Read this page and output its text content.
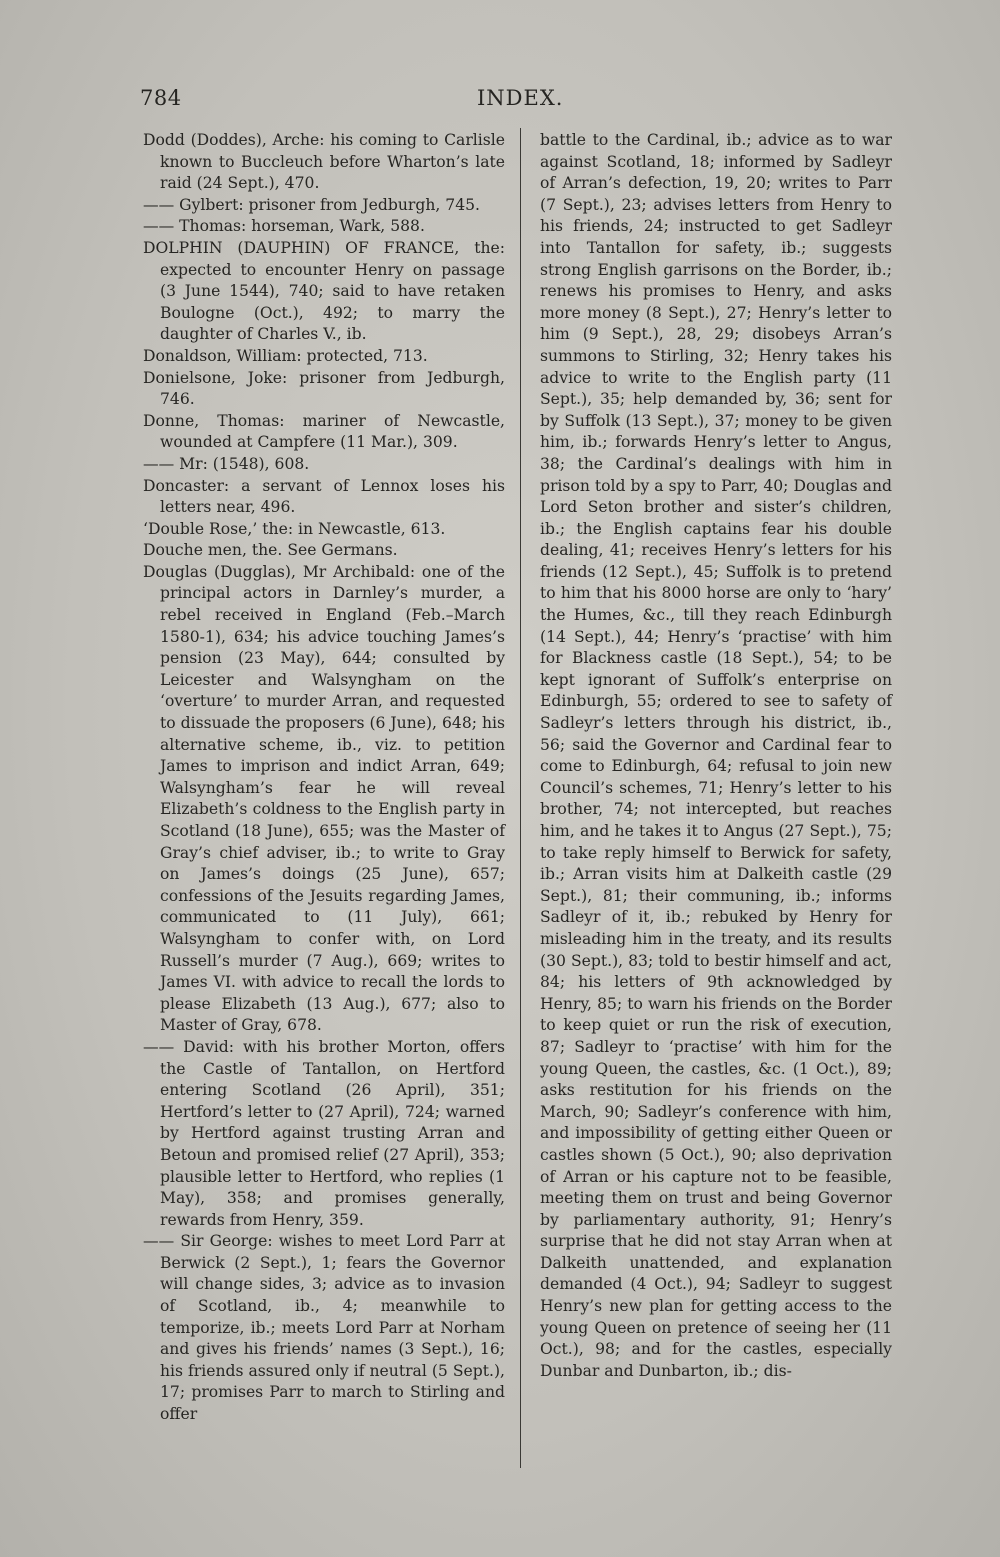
784	INDEX.

Dodd (Doddes), Arche: his coming to Carlisle known to Buccleuch before Wharton’s late raid (24 Sept.), 470.

—— Gylbert: prisoner from Jedburgh, 745.

—— Thomas: horseman, Wark, 588.

DOLPHIN (DAUPHIN) OF FRANCE, the: expected to encounter Henry on passage (3 June 1544), 740; said to have retaken Boulogne (Oct.), 492; to marry the daughter of Charles V., ib.

Donaldson, William: protected, 713.

Donielsone, Joke: prisoner from Jedburgh, 746.

Donne, Thomas: mariner of Newcastle, wounded at Campfere (11 Mar.), 309.

—— Mr: (1548), 608.

Doncaster: a servant of Lennox loses his letters near, 496.

‘Double Rose,’ the: in Newcastle, 613.

Douche men, the. See Germans.

Douglas (Dugglas), Mr Archibald: one of the principal actors in Darnley’s murder, a rebel received in England (Feb.–March 1580-1), 634; his advice touching James’s pension (23 May), 644; consulted by Leicester and Walsyngham on the ‘overture’ to murder Arran, and requested to dissuade the proposers (6 June), 648; his alternative scheme, ib., viz. to petition James to imprison and indict Arran, 649; Walsyngham’s fear he will reveal Elizabeth’s coldness to the English party in Scotland (18 June), 655; was the Master of Gray’s chief adviser, ib.; to write to Gray on James’s doings (25 June), 657; confessions of the Jesuits regarding James, communicated to (11 July), 661; Walsyngham to confer with, on Lord Russell’s murder (7 Aug.), 669; writes to James VI. with advice to recall the lords to please Elizabeth (13 Aug.), 677; also to Master of Gray, 678.

—— David: with his brother Morton, offers the Castle of Tantallon, on Hertford entering Scotland (26 April), 351; Hertford’s letter to (27 April), 724; warned by Hertford against trusting Arran and Betoun and promised relief (27 April), 353; plausible letter to Hertford, who replies (1 May), 358; and promises generally, rewards from Henry, 359.

—— Sir George: wishes to meet Lord Parr at Berwick (2 Sept.), 1; fears the Governor will change sides, 3; advice as to invasion of Scotland, ib., 4; meanwhile to temporize, ib.; meets Lord Parr at Norham and gives his friends’ names (3 Sept.), 16; his friends assured only if neutral (5 Sept.), 17; promises Parr to march to Stirling and offer

battle to the Cardinal, ib.; advice as to war against Scotland, 18; informed by Sadleyr of Arran’s defection, 19, 20; writes to Parr (7 Sept.), 23; advises letters from Henry to his friends, 24; instructed to get Sadleyr into Tantallon for safety, ib.; suggests strong English garrisons on the Border, ib.; renews his promises to Henry, and asks more money (8 Sept.), 27; Henry’s letter to him (9 Sept.), 28, 29; disobeys Arran’s summons to Stirling, 32; Henry takes his advice to write to the English party (11 Sept.), 35; help demanded by, 36; sent for by Suffolk (13 Sept.), 37; money to be given him, ib.; forwards Henry’s letter to Angus, 38; the Cardinal’s dealings with him in prison told by a spy to Parr, 40; Douglas and Lord Seton brother and sister’s children, ib.; the English captains fear his double dealing, 41; receives Henry’s letters for his friends (12 Sept.), 45; Suffolk is to pretend to him that his 8000 horse are only to ‘hary’ the Humes, &c., till they reach Edinburgh (14 Sept.), 44; Henry’s ‘practise’ with him for Blackness castle (18 Sept.), 54; to be kept ignorant of Suffolk’s enterprise on Edinburgh, 55; ordered to see to safety of Sadleyr’s letters through his district, ib., 56; said the Governor and Cardinal fear to come to Edinburgh, 64; refusal to join new Council’s schemes, 71; Henry’s letter to his brother, 74; not intercepted, but reaches him, and he takes it to Angus (27 Sept.), 75; to take reply himself to Berwick for safety, ib.; Arran visits him at Dalkeith castle (29 Sept.), 81; their communing, ib.; informs Sadleyr of it, ib.; rebuked by Henry for misleading him in the treaty, and its results (30 Sept.), 83; told to bestir himself and act, 84; his letters of 9th acknowledged by Henry, 85; to warn his friends on the Border to keep quiet or run the risk of execution, 87; Sadleyr to ‘practise’ with him for the young Queen, the castles, &c. (1 Oct.), 89; asks restitution for his friends on the March, 90; Sadleyr’s conference with him, and impossibility of getting either Queen or castles shown (5 Oct.), 90; also deprivation of Arran or his capture not to be feasible, meeting them on trust and being Governor by parliamentary authority, 91; Henry’s surprise that he did not stay Arran when at Dalkeith unattended, and explanation demanded (4 Oct.), 94; Sadleyr to suggest Henry’s new plan for getting access to the young Queen on pretence of seeing her (11 Oct.), 98; and for the castles, especially Dunbar and Dunbarton, ib.; dis-
